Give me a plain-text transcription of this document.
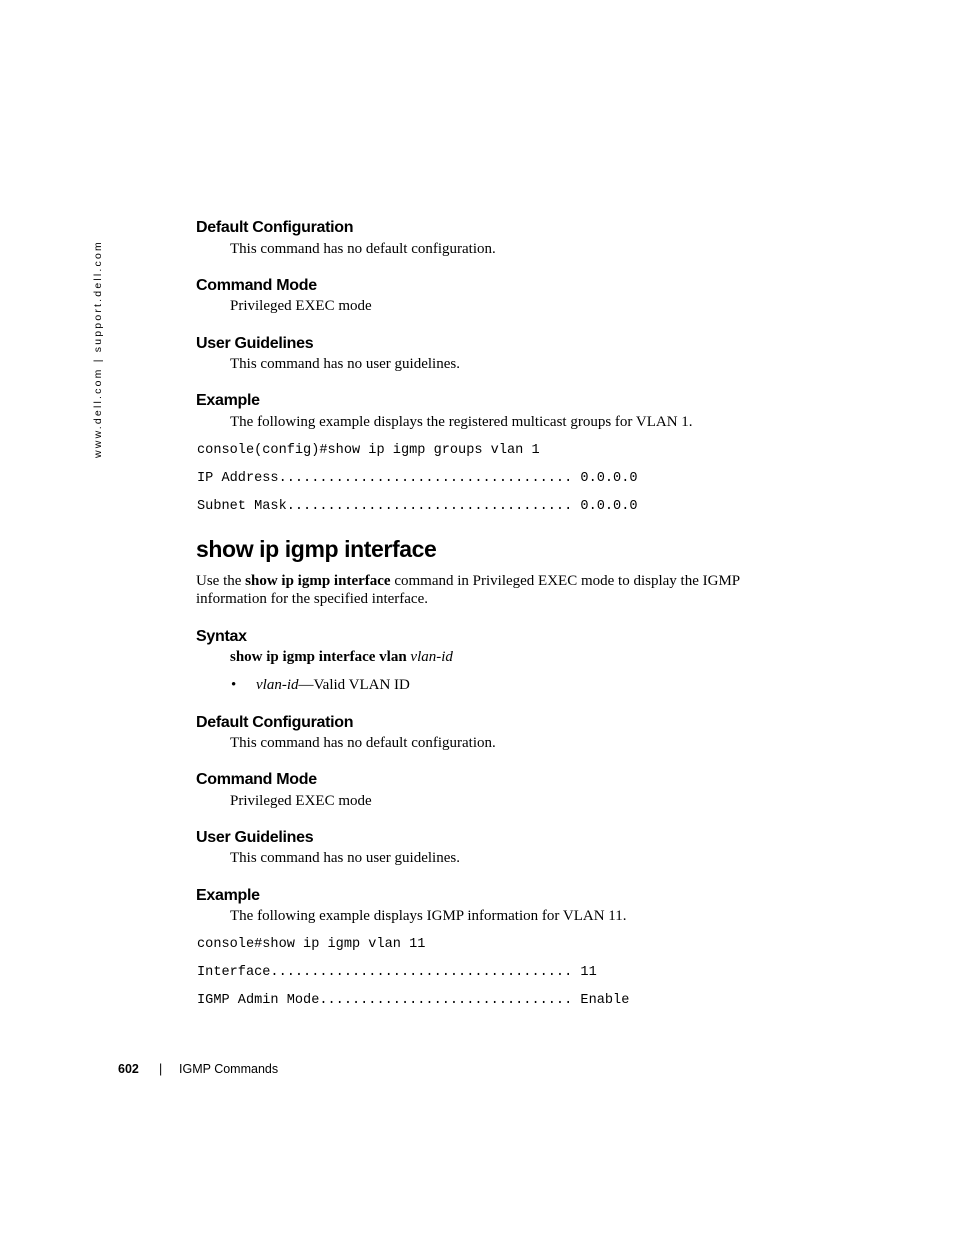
www.dell.com | support.dell.com
Default Configuration
This command has no default configuration.
Command Mode
Privileged EXEC mode
User Guidelines
This command has no user guidelines.
Example
The following example displays the registered multicast groups for VLAN 1.
console(config)#show ip igmp groups vlan 1
IP Address.................................... 0.0.0.0
Subnet Mask................................... 0.0.0.0
show ip igmp interface
Use the show ip igmp interface command in Privileged EXEC mode to display the IGMP
information for the specified interface.
Syntax
show ip igmp interface vlan vlan-id
• vlan-id—Valid VLAN ID
Default Configuration
This command has no default configuration.
Command Mode
Privileged EXEC mode
User Guidelines
This command has no user guidelines.
Example
The following example displays IGMP information for VLAN 11.
console#show ip igmp vlan 11
Interface..................................... 11
IGMP Admin Mode............................... Enable
602 | IGMP Commands
